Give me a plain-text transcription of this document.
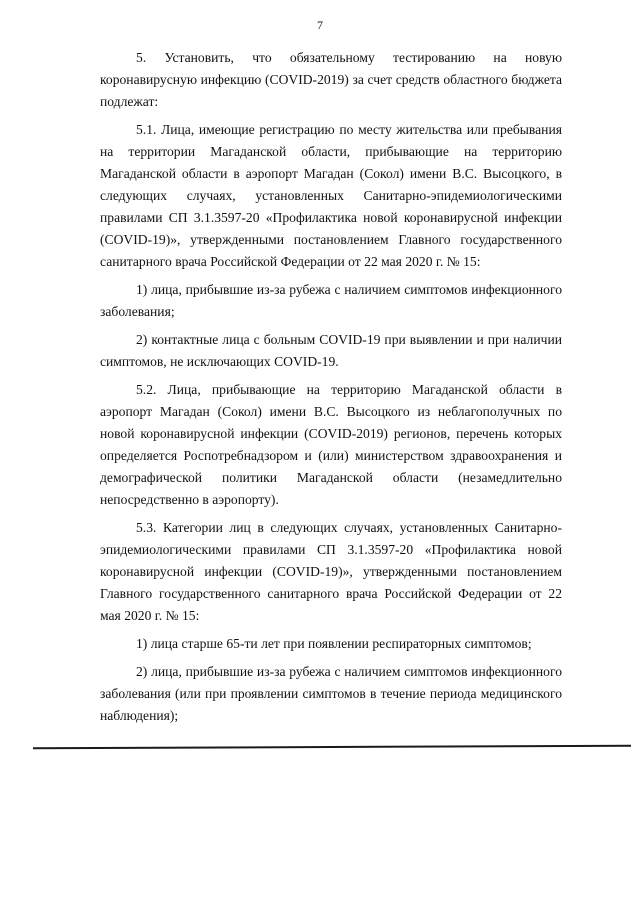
7

5. Установить, что обязательному тестированию на новую коронавирусную инфекцию (COVID-2019) за счет средств областного бюджета подлежат:

5.1. Лица, имеющие регистрацию по месту жительства или пребывания на территории Магаданской области, прибывающие на территорию Магаданской области в аэропорт Магадан (Сокол) имени В.С. Высоцкого, в следующих случаях, установленных Санитарно-эпидемиологическими правилами СП 3.1.3597-20 «Профилактика новой коронавирусной инфекции (COVID-19)», утвержденными постановлением Главного государственного санитарного врача Российской Федерации от 22 мая 2020 г. № 15:

1) лица, прибывшие из-за рубежа с наличием симптомов инфекционного заболевания;

2) контактные лица с больным COVID-19 при выявлении и при наличии симптомов, не исключающих COVID-19.

5.2. Лица, прибывающие на территорию Магаданской области в аэропорт Магадан (Сокол) имени В.С. Высоцкого из неблагополучных по новой коронавирусной инфекции (COVID-2019) регионов, перечень которых определяется Роспотребнадзором и (или) министерством здравоохранения и демографической политики Магаданской области (незамедлительно непосредственно в аэропорту).

5.3. Категории лиц в следующих случаях, установленных Санитарно-эпидемиологическими правилами СП 3.1.3597-20 «Профилактика новой коронавирусной инфекции (COVID-19)», утвержденными постановлением Главного государственного санитарного врача Российской Федерации от 22 мая 2020 г. № 15:

1) лица старше 65-ти лет при появлении респираторных симптомов;

2) лица, прибывшие из-за рубежа с наличием симптомов инфекционного заболевания (или при проявлении симптомов в течение периода медицинского наблюдения);
